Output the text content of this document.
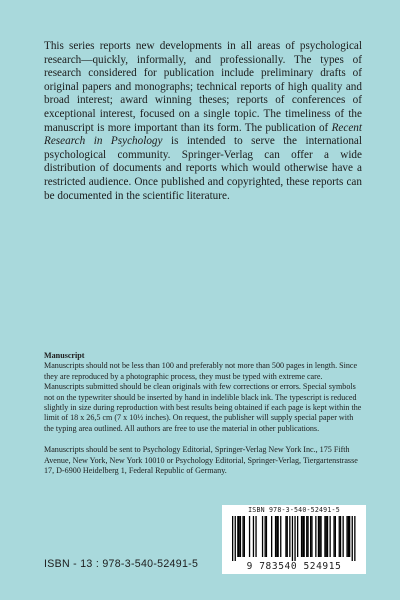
This series reports new developments in all areas of psychological research—quickly, informally, and professionally. The types of research considered for publication include preliminary drafts of original papers and monographs; technical reports of high quality and broad interest; award winning theses; reports of conferences of exceptional interest, focused on a single topic. The timeliness of the manuscript is more important than its form. The publication of Recent Research in Psychology is intended to serve the international psychological community. Springer-Verlag can offer a wide distribution of documents and reports which would otherwise have a restricted audience. Once published and copyrighted, these reports can be documented in the scientific literature.

Manuscript

Manuscripts should not be less than 100 and preferably not more than 500 pages in length. Since they are reproduced by a photographic process, they must be typed with extreme care. Manuscripts submitted should be clean originals with few corrections or errors. Special symbols not on the typewriter should be inserted by hand in indelible black ink. The typescript is reduced slightly in size during reproduction with best results being obtained if each page is kept within the limit of 18 x 26,5 cm (7 x 10½ inches). On request, the publisher will supply special paper with the typing area outlined. All authors are free to use the material in other publications.

Manuscripts should be sent to Psychology Editorial, Springer-Verlag New York Inc., 175 Fifth Avenue, New York, New York 10010 or Psychology Editorial, Springer-Verlag, Tiergartenstrasse 17, D-6900 Heidelberg 1, Federal Republic of Germany.

ISBN 978-3-540-52491-5
9 783540 524915
ISBN - 13 : 978-3-540-52491-5
